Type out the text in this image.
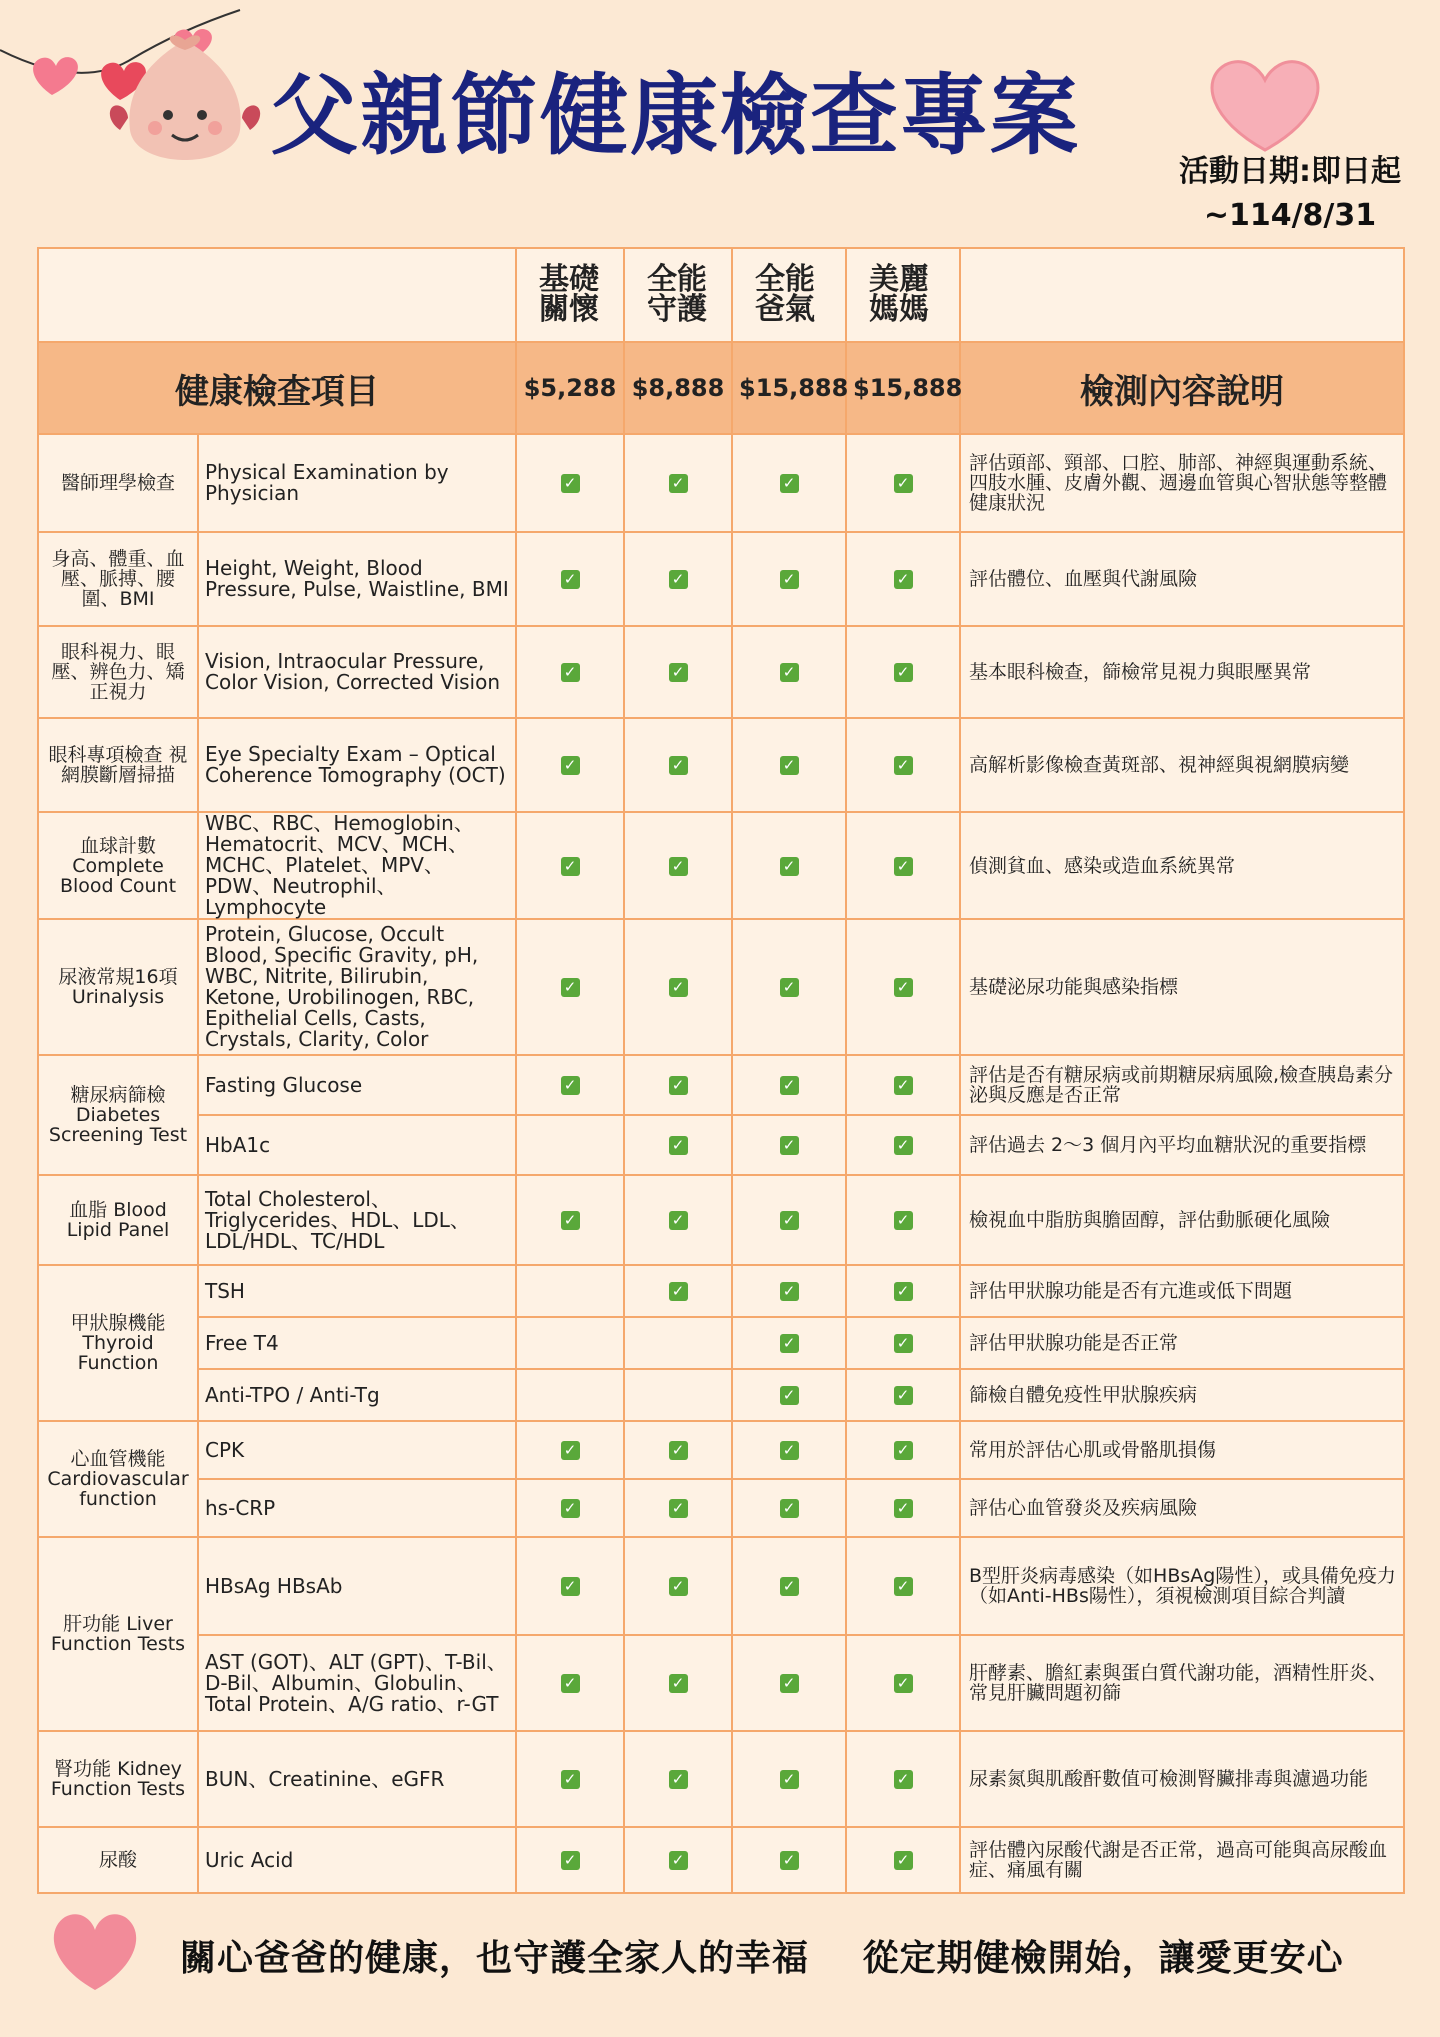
父親節健康檢查專案
活動日期:即日起
~114/8/31
		基礎關懷	全能守護	全能爸氣	美麗媽媽	
健康檢查項目		$5,288	$8,888	$15,888	$15,888	檢測內容說明
醫師理學檢查	Physical Examination by Physician	✓	✓	✓	✓	評估頭部、頸部、口腔、肺部、神經與運動系統、四肢水腫、皮膚外觀、週邊血管與心智狀態等整體健康狀況
身高、體重、血壓、脈搏、腰圍、BMI	Height, Weight, Blood Pressure, Pulse, Waistline, BMI	✓	✓	✓	✓	評估體位、血壓與代謝風險
眼科視力、眼壓、辨色力、矯正視力	Vision, Intraocular Pressure, Color Vision, Corrected Vision	✓	✓	✓	✓	基本眼科檢查，篩檢常見視力與眼壓異常
眼科專項檢查 視網膜斷層掃描	Eye Specialty Exam – Optical Coherence Tomography (OCT)	✓	✓	✓	✓	高解析影像檢查黃斑部、視神經與視網膜病變
血球計數 Complete Blood Count	WBC、RBC、Hemoglobin、Hematocrit、MCV、MCH、MCHC、Platelet、MPV、PDW、Neutrophil、Lymphocyte	✓	✓	✓	✓	偵測貧血、感染或造血系統異常
尿液常規16項 Urinalysis	Protein, Glucose, Occult Blood, Specific Gravity, pH, WBC, Nitrite, Bilirubin, Ketone, Urobilinogen, RBC, Epithelial Cells, Casts, Crystals, Clarity, Color	✓	✓	✓	✓	基礎泌尿功能與感染指標
糖尿病篩檢 Diabetes Screening Test	Fasting Glucose	✓	✓	✓	✓	評估是否有糖尿病或前期糖尿病風險,檢查胰島素分泌與反應是否正常
	HbA1c		✓	✓	✓	評估過去 2～3 個月內平均血糖狀況的重要指標
血脂 Blood Lipid Panel	Total Cholesterol、Triglycerides、HDL、LDL、LDL/HDL、TC/HDL	✓	✓	✓	✓	檢視血中脂肪與膽固醇，評估動脈硬化風險
甲狀腺機能 Thyroid Function	TSH		✓	✓	✓	評估甲狀腺功能是否有亢進或低下問題
	Free T4			✓	✓	評估甲狀腺功能是否正常
	Anti-TPO / Anti-Tg			✓	✓	篩檢自體免疫性甲狀腺疾病
心血管機能 Cardiovascular function	CPK	✓	✓	✓	✓	常用於評估心肌或骨骼肌損傷
	hs-CRP	✓	✓	✓	✓	評估心血管發炎及疾病風險
肝功能 Liver Function Tests	HBsAg HBsAb	✓	✓	✓	✓	B型肝炎病毒感染（如HBsAg陽性），或具備免疫力（如Anti-HBs陽性），須視檢測項目綜合判讀
	AST (GOT)、ALT (GPT)、T-Bil、D-Bil、Albumin、Globulin、Total Protein、A/G ratio、r-GT	✓	✓	✓	✓	肝酵素、膽紅素與蛋白質代謝功能，酒精性肝炎、常見肝臟問題初篩
腎功能 Kidney Function Tests	BUN、Creatinine、eGFR	✓	✓	✓	✓	尿素氮與肌酸酐數值可檢測腎臟排毒與濾過功能
尿酸	Uric Acid	✓	✓	✓	✓	評估體內尿酸代謝是否正常，過高可能與高尿酸血症、痛風有關
關心爸爸的健康，也守護全家人的幸福 從定期健檢開始，讓愛更安心
